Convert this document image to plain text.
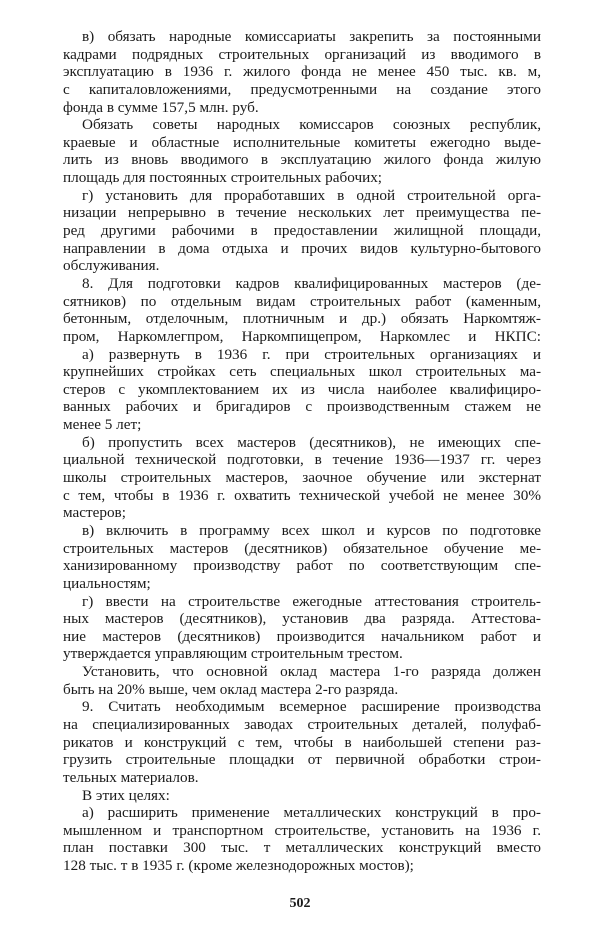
в) обязать народные комиссариаты закрепить за постоянными
кадрами подрядных строительных организаций из вводимого в
эксплуатацию в 1936 г. жилого фонда не менее 450 тыс. кв. м,
с капиталовложениями, предусмотренными на создание этого
фонда в сумме 157,5 млн. руб.
Обязать советы народных комиссаров союзных республик,
краевые и областные исполнительные комитеты ежегодно выде-
лить из вновь вводимого в эксплуатацию жилого фонда жилую
площадь для постоянных строительных рабочих;
г) установить для проработавших в одной строительной орга-
низации непрерывно в течение нескольких лет преимущества пе-
ред другими рабочими в предоставлении жилищной площади,
направлении в дома отдыха и прочих видов культурно-бытового
обслуживания.
8. Для подготовки кадров квалифицированных мастеров (де-
сятников) по отдельным видам строительных работ (каменным,
бетонным, отделочным, плотничным и др.) обязать Наркомтяж-
пром, Наркомлегпром, Наркомпищепром, Наркомлес и НКПС:
а) развернуть в 1936 г. при строительных организациях и
крупнейших стройках сеть специальных школ строительных ма-
стеров с укомплектованием их из числа наиболее квалифициро-
ванных рабочих и бригадиров с производственным стажем не
менее 5 лет;
б) пропустить всех мастеров (десятников), не имеющих спе-
циальной технической подготовки, в течение 1936—1937 гг. через
школы строительных мастеров, заочное обучение или экстернат
с тем, чтобы в 1936 г. охватить технической учебой не менее 30%
мастеров;
в) включить в программу всех школ и курсов по подготовке
строительных мастеров (десятников) обязательное обучение ме-
ханизированному производству работ по соответствующим спе-
циальностям;
г) ввести на строительстве ежегодные аттестования строитель-
ных мастеров (десятников), установив два разряда. Аттестова-
ние мастеров (десятников) производится начальником работ и
утверждается управляющим строительным трестом.
Установить, что основной оклад мастера 1-го разряда должен
быть на 20% выше, чем оклад мастера 2-го разряда.
9. Считать необходимым всемерное расширение производства
на специализированных заводах строительных деталей, полуфаб-
рикатов и конструкций с тем, чтобы в наибольшей степени раз-
грузить строительные площадки от первичной обработки строи-
тельных материалов.
В этих целях:
а) расширить применение металлических конструкций в про-
мышленном и транспортном строительстве, установить на 1936 г.
план поставки 300 тыс. т металлических конструкций вместо
128 тыс. т в 1935 г. (кроме железнодорожных мостов);
502
